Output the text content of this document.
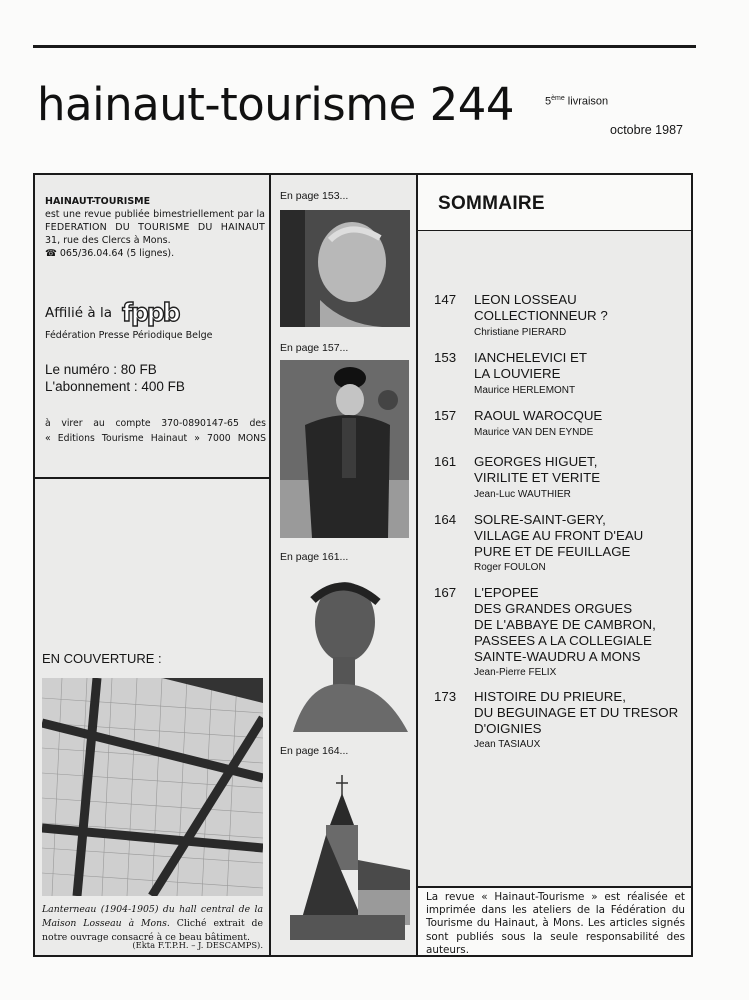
hainaut-tourisme 244	5ème livraison
octobre 1987
HAINAUT-TOURISME
est une revue publiée bimestriellement par la
FEDERATION DU TOURISME DU HAINAUT
31, rue des Clercs à Mons.
☎ 065/36.04.64 (5 lignes).
Affilié à la fppb
Fédération Presse Périodique Belge
Le numéro : 80 FB
L'abonnement : 400 FB
à virer au compte 370-0890147-65 des
« Editions Tourisme Hainaut » 7000 MONS
EN COUVERTURE :
Lanterneau (1904-1905) du hall central de la Maison Losseau à Mons. Cliché extrait de notre ouvrage consacré à ce beau bâtiment.
(Ekta F.T.P.H. – J. DESCAMPS).
En page 153...
En page 157...
En page 161...
En page 164...
SOMMAIRE
147 LEON LOSSEAU
COLLECTIONNEUR ?
Christiane PIERARD
153 IANCHELEVICI ET
LA LOUVIERE
Maurice HERLEMONT
157 RAOUL WAROCQUE
Maurice VAN DEN EYNDE
161 GEORGES HIGUET,
VIRILITE ET VERITE
Jean-Luc WAUTHIER
164 SOLRE-SAINT-GERY,
VILLAGE AU FRONT D'EAU
PURE ET DE FEUILLAGE
Roger FOULON
167 L'EPOPEE
DES GRANDES ORGUES
DE L'ABBAYE DE CAMBRON,
PASSEES A LA COLLEGIALE
SAINTE-WAUDRU A MONS
Jean-Pierre FELIX
173 HISTOIRE DU PRIEURE,
DU BEGUINAGE ET DU TRESOR
D'OIGNIES
Jean TASIAUX
La revue « Hainaut-Tourisme » est réalisée et imprimée dans les ateliers de la Fédération du Tourisme du Hainaut, à Mons. Les articles signés sont publiés sous la seule responsabilité des auteurs.
